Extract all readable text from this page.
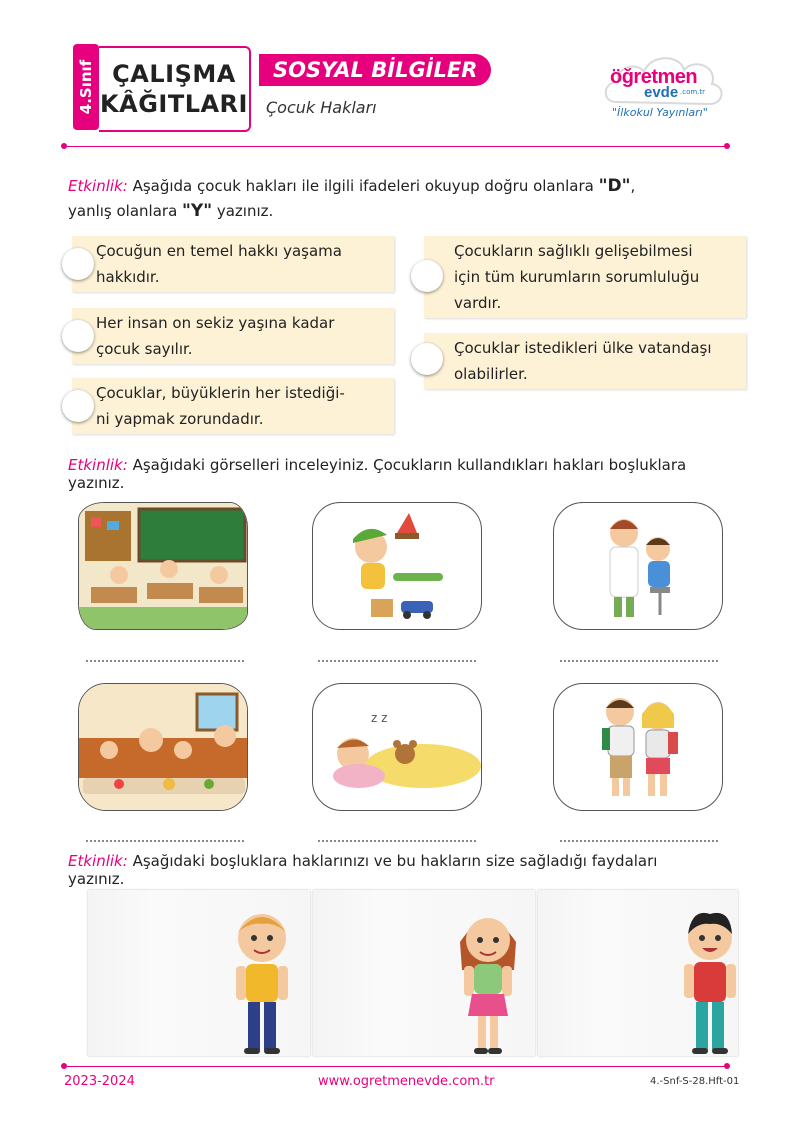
4.Sınıf ÇALIŞMA
KÂĞITLARI
SOSYAL BİLGİLER
Çocuk Hakları
öğretmen
evde .com.tr
"İlkokul Yayınları"
Etkinlik: Aşağıda çocuk hakları ile ilgili ifadeleri okuyup doğru olanlara "D",
yanlış olanlara "Y" yazınız.
Çocuğun en temel hakkı yaşama
hakkıdır.
Her insan on sekiz yaşına kadar
çocuk sayılır.
Çocuklar, büyüklerin her istediği-
ni yapmak zorundadır.
Çocukların sağlıklı gelişebilmesi
için tüm kurumların sorumluluğu
vardır.
Çocuklar istedikleri ülke vatandaşı
olabilirler.
Etkinlik: Aşağıdaki görselleri inceleyiniz. Çocukların kullandıkları hakları boşluklara
yazınız.
z z
Etkinlik: Aşağıdaki boşluklara haklarınızı ve bu hakların size sağladığı faydaları
yazınız.
2023-2024	www.ogretmenevde.com.tr	4.-Snf-S-28.Hft-01
